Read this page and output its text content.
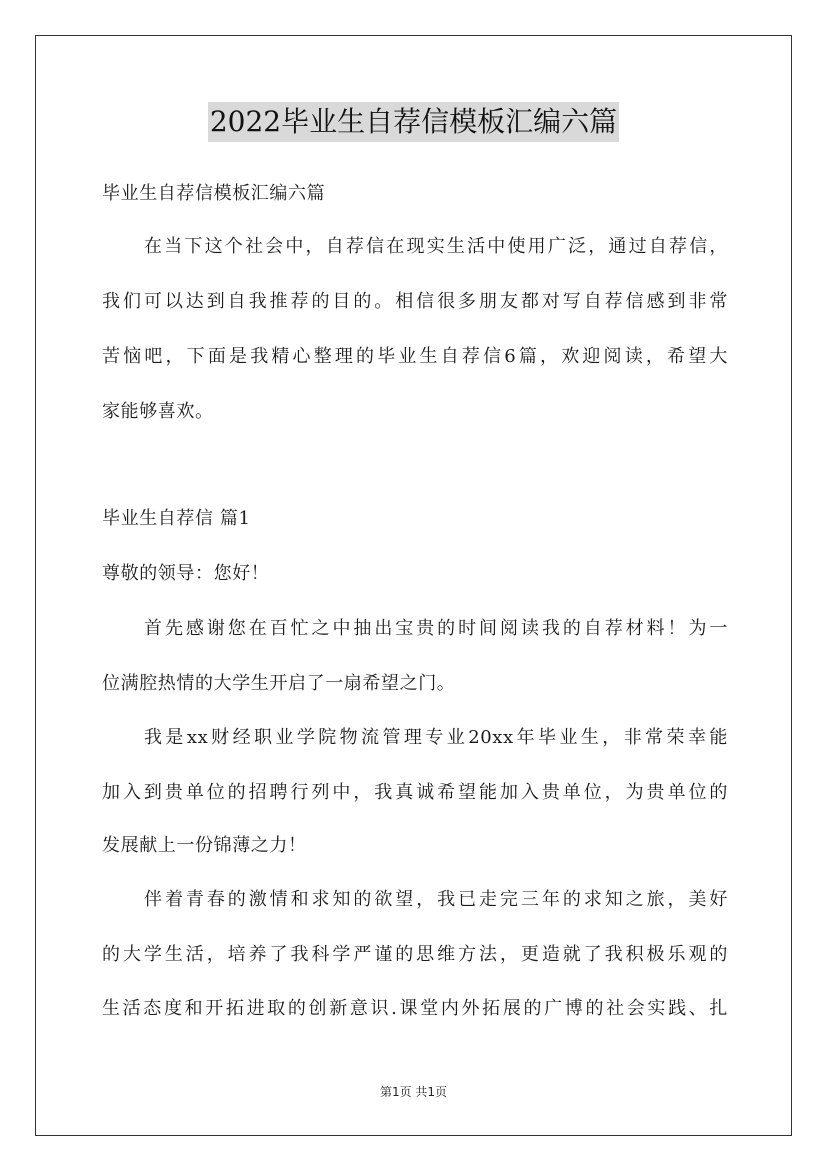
2022毕业生自荐信模板汇编六篇
毕业生自荐信模板汇编六篇
在当下这个社会中，自荐信在现实生活中使用广泛，通过自荐信，
我们可以达到自我推荐的目的。相信很多朋友都对写自荐信感到非常
苦恼吧，下面是我精心整理的毕业生自荐信6篇，欢迎阅读，希望大
家能够喜欢。
毕业生自荐信 篇1
尊敬的领导：您好！
首先感谢您在百忙之中抽出宝贵的时间阅读我的自荐材料！为一
位满腔热情的大学生开启了一扇希望之门。
我是xx财经职业学院物流管理专业20xx年毕业生，非常荣幸能
加入到贵单位的招聘行列中，我真诚希望能加入贵单位，为贵单位的
发展献上一份锦薄之力！
伴着青春的激情和求知的欲望，我已走完三年的求知之旅，美好
的大学生活，培养了我科学严谨的思维方法，更造就了我积极乐观的
生活态度和开拓进取的创新意识.课堂内外拓展的广博的社会实践、扎
第1页 共1页
